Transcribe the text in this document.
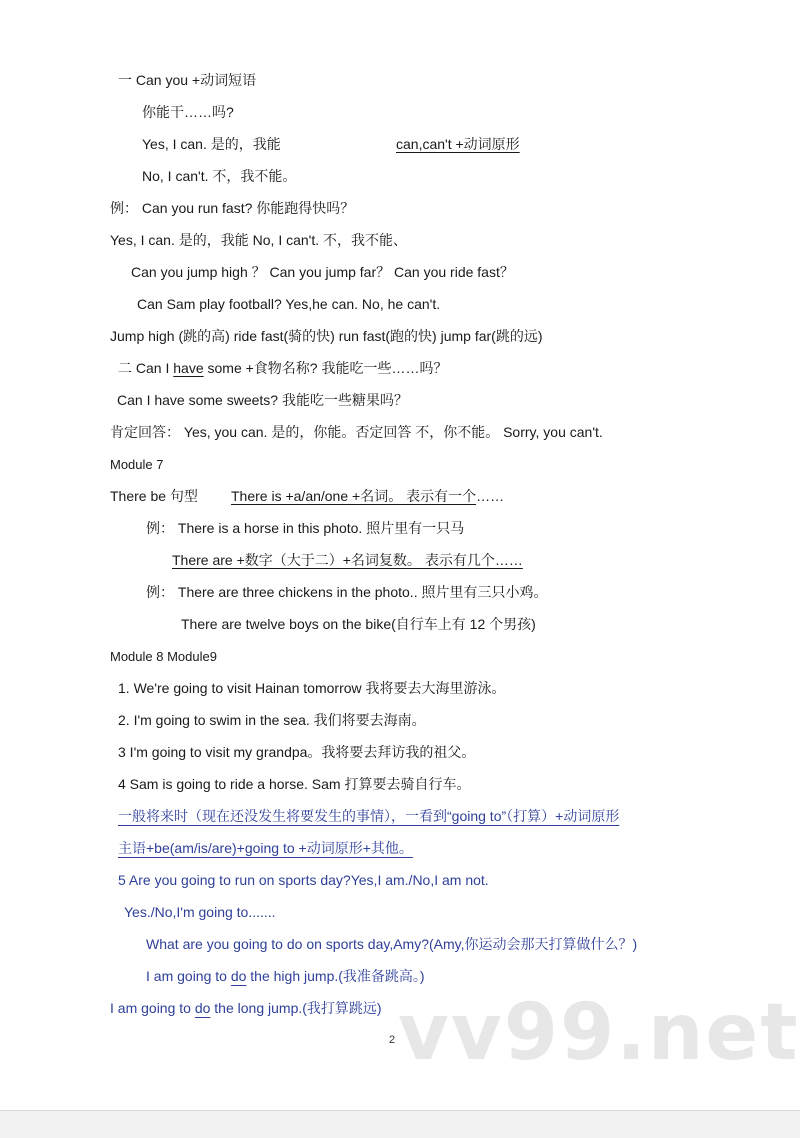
一 Can you +动词短语
你能干……吗?
Yes, I can. 是的，我能	can,can't +动词原形
No, I can't. 不，我不能。
例： Can you run fast? 你能跑得快吗？
Yes, I can. 是的，我能 No, I can't. 不，我不能、
Can you jump high ？ Can you jump far？ Can you ride fast？
Can Sam play football? Yes,he can. No, he can't.
Jump high (跳的高) ride fast(骑的快) run fast(跑的快) jump far(跳的远)
二 Can I have some +食物名称? 我能吃一些……吗？
Can I have some sweets? 我能吃一些糖果吗？
肯定回答： Yes, you can. 是的，你能。否定回答 不，你不能。 Sorry, you can't.
Module 7
There be 句型 There is +a/an/one +名词。 表示有一个……
例： There is a horse in this photo. 照片里有一只马
There are +数字（大于二）+名词复数。 表示有几个……
例： There are three chickens in the photo.. 照片里有三只小鸡。
There are twelve boys on the bike(自行车上有 12 个男孩)
Module 8 Module9
1. We're going to visit Hainan tomorrow 我将要去大海里游泳。
2. I'm going to swim in the sea. 我们将要去海南。
3 I'm going to visit my grandpa。我将要去拜访我的祖父。
4 Sam is going to ride a horse. Sam 打算要去骑自行车。
一般将来时（现在还没发生将要发生的事情），一看到“going to”（打算）+动词原形
主语+be(am/is/are)+going to +动词原形+其他。
5 Are you going to run on sports day?Yes,I am./No,I am not.
Yes./No,I'm going to.......
What are you going to do on sports day,Amy?(Amy,你运动会那天打算做什么？)
I am going to do the high jump.(我准备跳高。)
I am going to do the long jump.(我打算跳远) vv99.net
2
